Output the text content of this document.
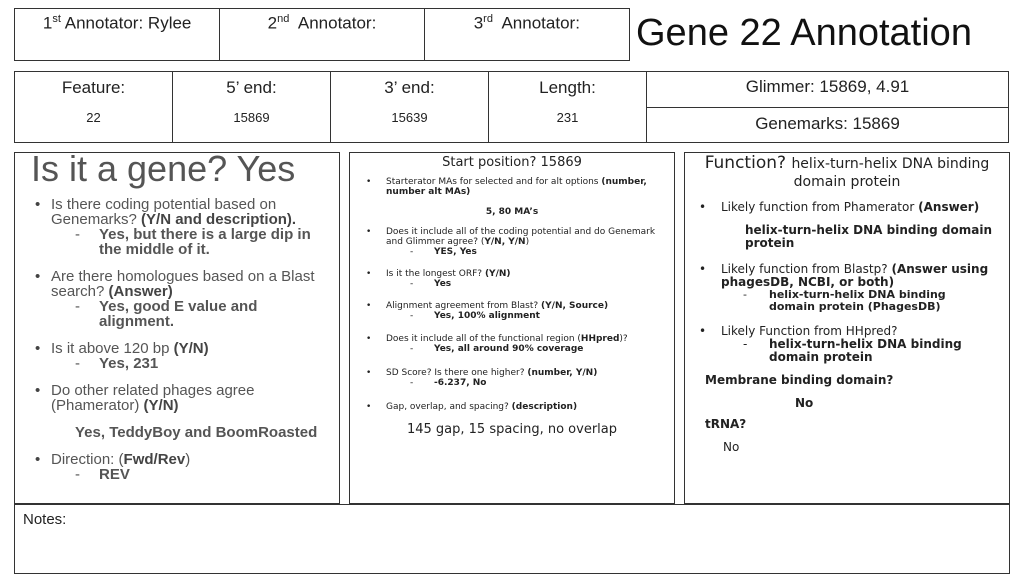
1st Annotator: Rylee	2nd Annotator:	3rd Annotator:	Gene 22 Annotation
Feature:
22
5’ end:
15869
3’ end:
15639
Length:
231
Glimmer: 15869, 4.91
Genemarks: 15869
Is it a gene? Yes
• Is there coding potential based on Genemarks? (Y/N and description).
- Yes, but there is a large dip in the middle of it.
• Are there homologues based on a Blast search? (Answer)
- Yes, good E value and alignment.
• Is it above 120 bp (Y/N)
- Yes, 231
• Do other related phages agree (Phamerator) (Y/N)
Yes, TeddyBoy and BoomRoasted
• Direction: (Fwd/Rev)
- REV
Start position? 15869
• Starterator MAs for selected and for alt options (number, number alt MAs)
5, 80 MA’s
• Does it include all of the coding potential and do Genemark and Glimmer agree? (Y/N, Y/N)
- YES, Yes
• Is it the longest ORF? (Y/N)
- Yes
• Alignment agreement from Blast? (Y/N, Source)
- Yes, 100% alignment
• Does it include all of the functional region (HHpred)?
- Yes, all around 90% coverage
• SD Score? Is there one higher? (number, Y/N)
- -6.237, No
• Gap, overlap, and spacing? (description)
145 gap, 15 spacing, no overlap
Function? helix-turn-helix DNA binding domain protein
• Likely function from Phamerator (Answer)
helix-turn-helix DNA binding domain protein
• Likely function from Blastp? (Answer using phagesDB, NCBI, or both)
- helix-turn-helix DNA binding domain protein (PhagesDB)
• Likely Function from HHpred?
- helix-turn-helix DNA binding domain protein
Membrane binding domain?
No
tRNA?
No
Notes:
